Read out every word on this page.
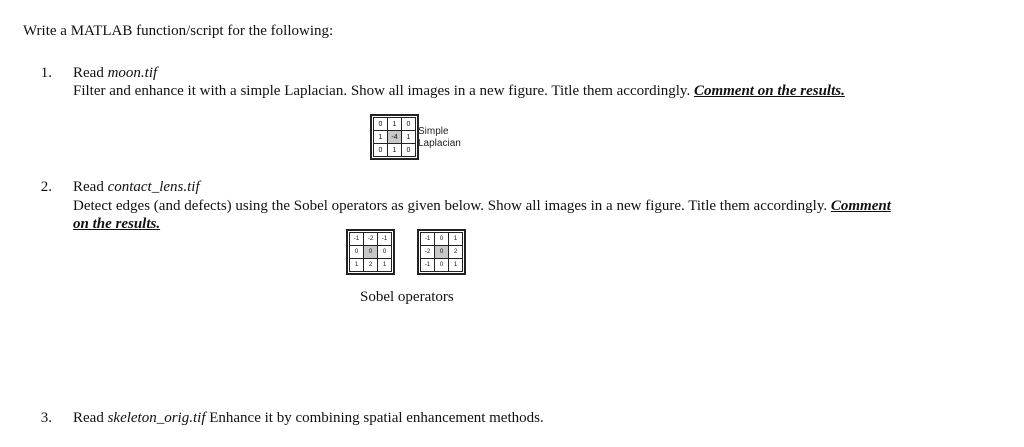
Write a MATLAB function/script for the following:
1. Read moon.tif
Filter and enhance it with a simple Laplacian. Show all images in a new figure. Title them accordingly. Comment on the results.
0	1	0
1	-4	1
0	1	0
Simple
Laplacian
2. Read contact_lens.tif
Detect edges (and defects) using the Sobel operators as given below. Show all images in a new figure. Title them accordingly. Comment
on the results.
-1	-2	-1
0	0	0
1	2	1
-1	0	1
-2	0	2
-1	0	1
Sobel operators
3. Read skeleton_orig.tif Enhance it by combining spatial enhancement methods.
